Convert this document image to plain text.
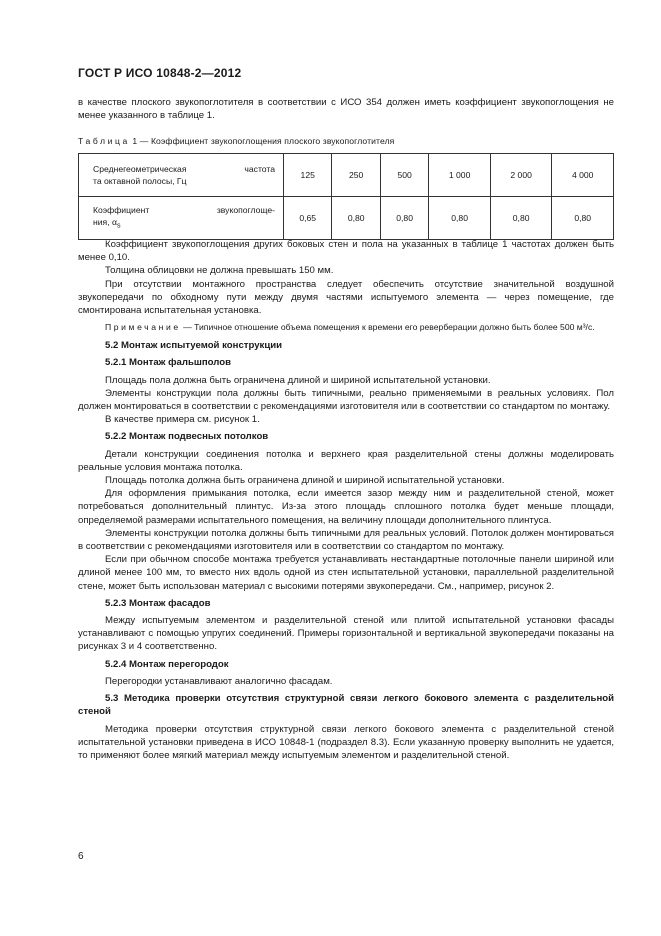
ГОСТ Р ИСО 10848-2—2012

в качестве плоского звукопоглотителя в соответствии с ИСО 354 должен иметь коэффициент звукопоглощения не менее указанного в таблице 1.

Таблица 1 — Коэффициент звукопоглощения плоского звукопоглотителя
Среднегеометрическая частота
та октавной полосы, Гц	125	250	500	1 000	2 000	4 000
Коэффициент звукопоглоще-
ния, $\alpha_s$	0,65	0,80	0,80	0,80	0,80	0,80

Коэффициент звукопоглощения других боковых стен и пола на указанных в таблице 1 частотах должен быть менее 0,10.

Толщина облицовки не должна превышать 150 мм.

При отсутствии монтажного пространства следует обеспечить отсутствие значительной воздушной звукопередачи по обходному пути между двумя частями испытуемого элемента — через помещение, где смонтирована испытательная установка.

Примечание — Типичное отношение объема помещения к времени его реверберации должно быть более 500 м³/с.

5.2 Монтаж испытуемой конструкции

5.2.1 Монтаж фальшполов

Площадь пола должна быть ограничена длиной и шириной испытательной установки.

Элементы конструкции пола должны быть типичными, реально применяемыми в реальных условиях. Пол должен монтироваться в соответствии с рекомендациями изготовителя или в соответствии со стандартом по монтажу.

В качестве примера см. рисунок 1.

5.2.2 Монтаж подвесных потолков

Детали конструкции соединения потолка и верхнего края разделительной стены должны моделировать реальные условия монтажа потолка.

Площадь потолка должна быть ограничена длиной и шириной испытательной установки.

Для оформления примыкания потолка, если имеется зазор между ним и разделительной стеной, может потребоваться дополнительный плинтус. Из-за этого площадь сплошного потолка будет меньше площади, определяемой размерами испытательного помещения, на величину площади дополнительного плинтуса.

Элементы конструкции потолка должны быть типичными для реальных условий. Потолок должен монтироваться в соответствии с рекомендациями изготовителя или в соответствии со стандартом по монтажу.

Если при обычном способе монтажа требуется устанавливать нестандартные потолочные панели шириной или длиной менее 100 мм, то вместо них вдоль одной из стен испытательной установки, параллельной разделительной стене, может быть использован материал с высокими потерями звукопередачи. См., например, рисунок 2.

5.2.3 Монтаж фасадов

Между испытуемым элементом и разделительной стеной или плитой испытательной установки фасады устанавливают с помощью упругих соединений. Примеры горизонтальной и вертикальной звукопередачи показаны на рисунках 3 и 4 соответственно.

5.2.4 Монтаж перегородок

Перегородки устанавливают аналогично фасадам.

5.3 Методика проверки отсутствия структурной связи легкого бокового элемента с разделительной стеной

Методика проверки отсутствия структурной связи легкого бокового элемента с разделительной стеной испытательной установки приведена в ИСО 10848-1 (подраздел 8.3). Если указанную проверку выполнить не удается, то применяют более мягкий материал между испытуемым элементом и разделительной стеной.

6
